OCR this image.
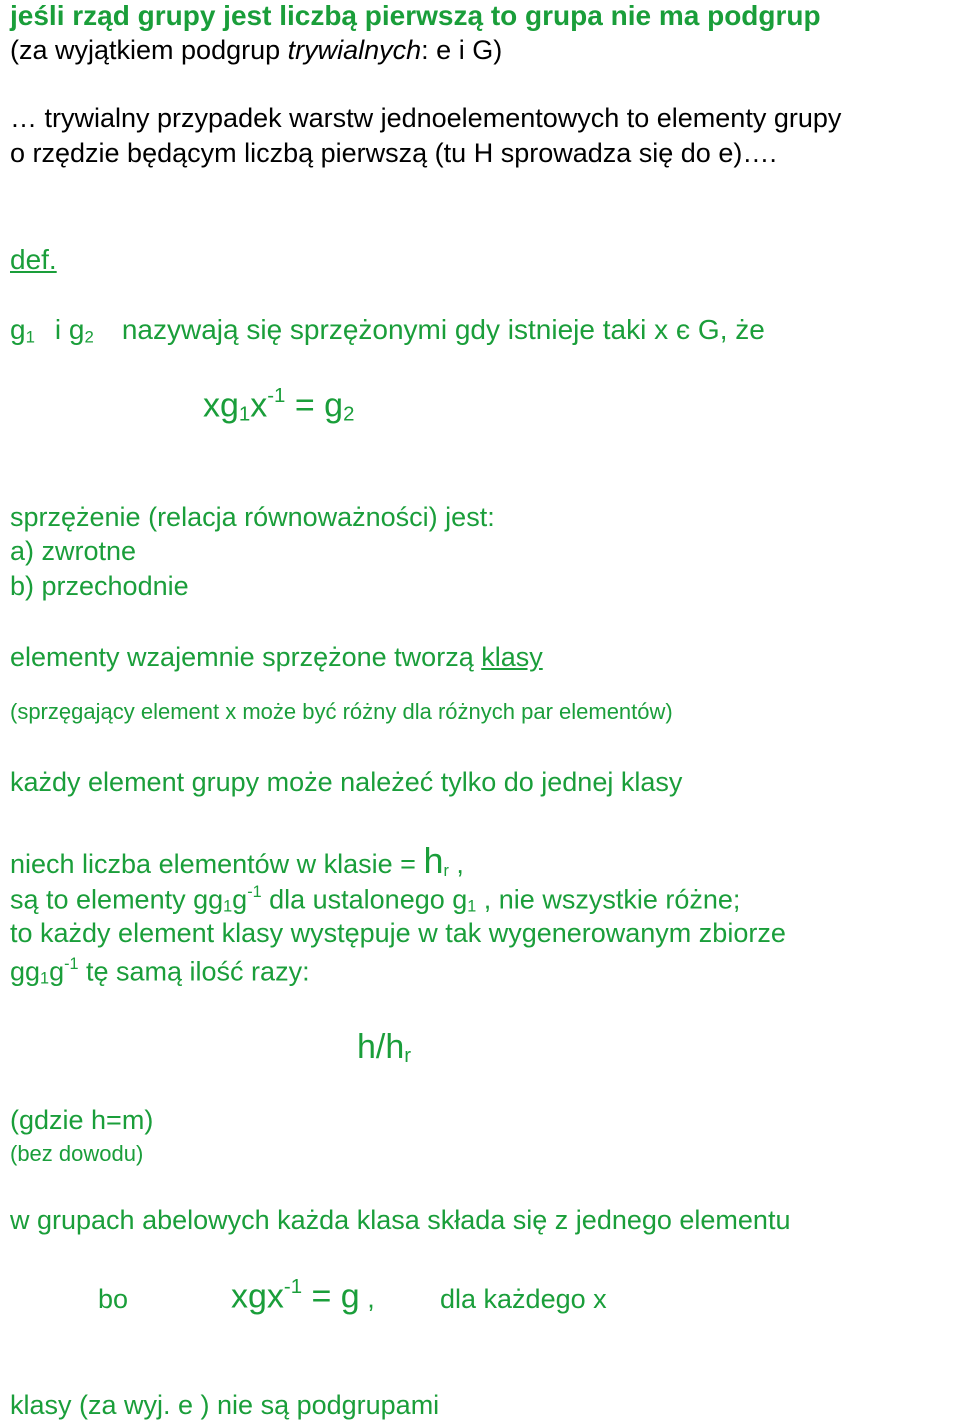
jeśli rząd grupy jest liczbą pierwszą to grupa nie ma podgrup
(za wyjątkiem podgrup trywialnych: e i G)
… trywialny przypadek warstw jednoelementowych to elementy grupy
o rzędzie będącym liczbą pierwszą (tu H sprowadza się do e)….
def.
$g_1$ i $g_2$ nazywają się sprzężonymi gdy istnieje taki x є G, że
$xg_1x^{-1} = g_2$
sprzężenie (relacja równoważności) jest:
a) zwrotne
b) przechodnie
elementy wzajemnie sprzężone tworzą klasy
(sprzęgający element x może być różny dla różnych par elementów)
każdy element grupy może należeć tylko do jednej klasy
niech liczba elementów w klasie = $h_r$ ,
są to elementy $gg_1g^{-1}$ dla ustalonego $g_1$ , nie wszystkie różne;
to każdy element klasy występuje w tak wygenerowanym zbiorze
$gg_1g^{-1}$ tę samą ilość razy:
$h/h_r$
(gdzie h=m)
(bez dowodu)
w grupach abelowych każda klasa składa się z jednego elementu
bo	xgx$^{-1}$ = g , dla każdego x
klasy (za wyj. e ) nie są podgrupami
